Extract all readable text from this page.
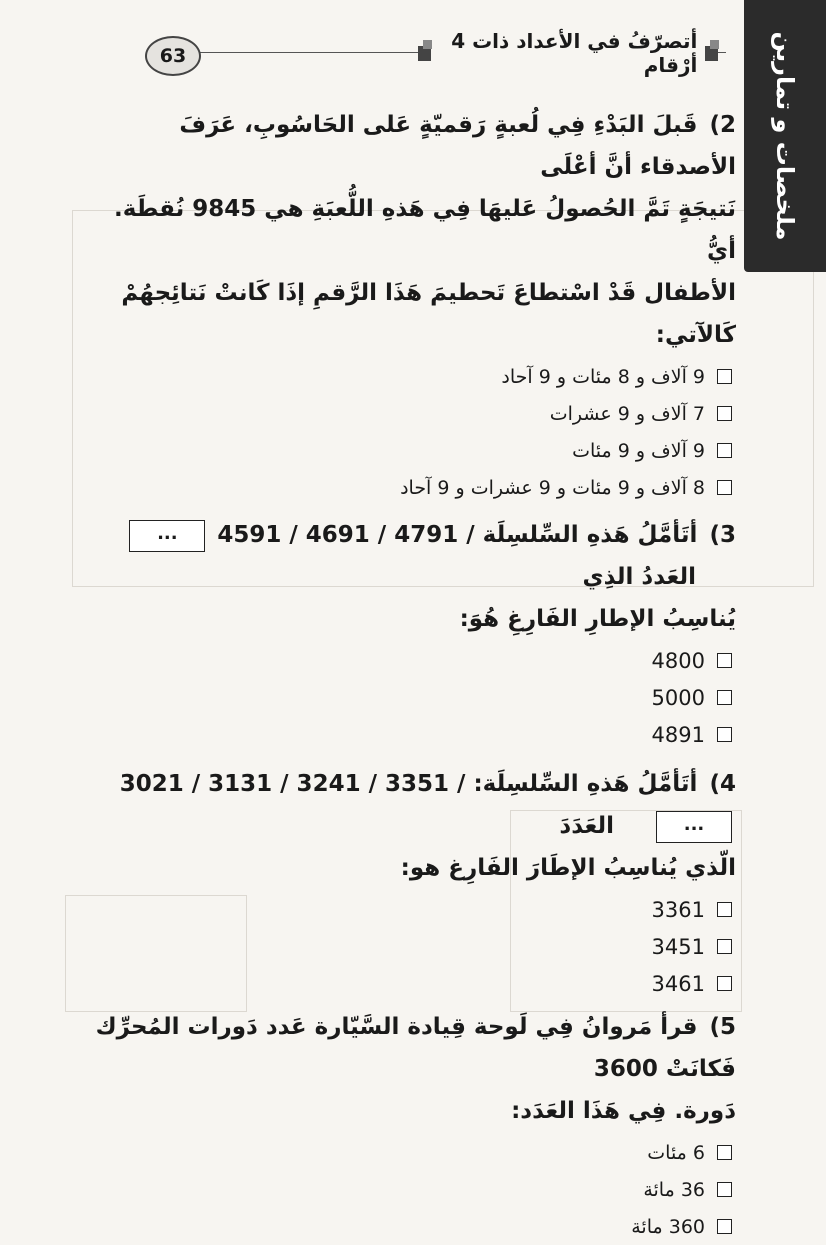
ملخصات و تمارين
63
أتصرّفُ في الأعداد ذات 4 أرْقام
2) قَبلَ البَدْءِ فِي لُعبةٍ رَقميّةٍ عَلى الحَاسُوبِ، عَرَفَ الأصدقاء أنَّ أعْلَى
نَتيجَةٍ تَمَّ الحُصولُ عَليهَا فِي هَذهِ اللُّعبَةِ هي 9845 نُقطَة. أيُّ
الأطفال قَدْ اسْتطاعَ تَحطيمَ هَذَا الرَّقمِ إذَا كَانتْ نَتائِجهُمْ كَالآتي:
9 آلاف و 8 مئات و 9 آحاد
7 آلاف و 9 عشرات
9 آلاف و 9 مئات
8 آلاف و 9 مئات و 9 عشرات و 9 آحاد
3) أتَأمَّلُ هَذهِ السِّلسِلَة 4591 / 4691 / 4791 / ... العَددُ الذِي
يُناسِبُ الإطارِ الفَارِغِ هُوَ:
4800
5000
4891
4) أتَأمَّلُ هَذهِ السِّلسِلَة: 3021 / 3131 / 3241 / 3351 / ... العَدَدَ
الّذي يُناسِبُ الإطَارَ الفَارِغ هو:
3361
3451
3461
5) قرأ مَروانُ فِي لَوحة قِيادة السَّيّارة عَدد دَورات المُحرِّك فَكانَتْ 3600
دَورة. فِي هَذَا العَدَد:
6 مئات
36 مائة
360 مائة
